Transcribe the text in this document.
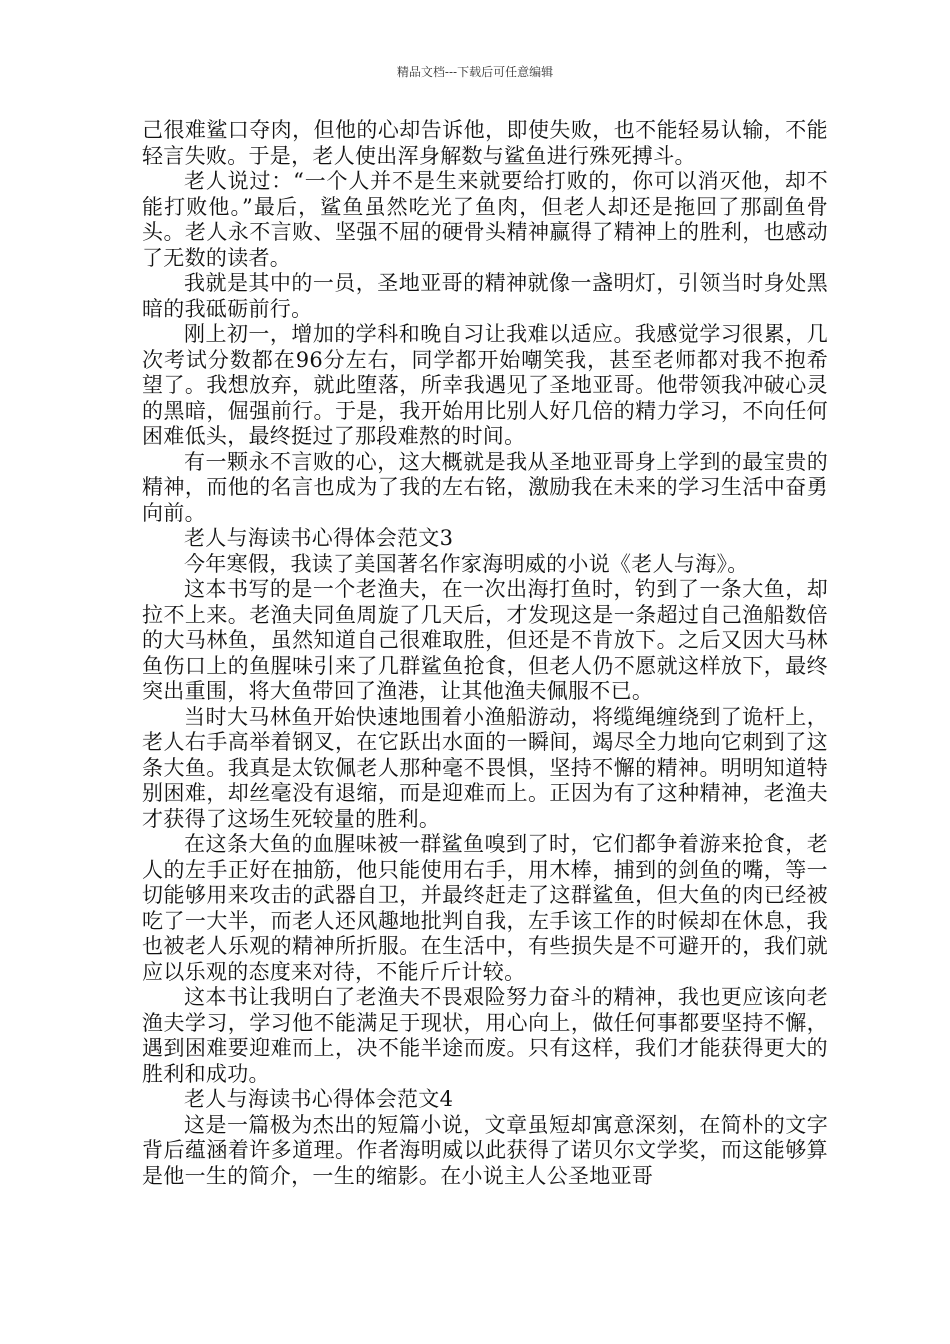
精品文档---下载后可任意编辑

己很难鲨口夺肉，但他的心却告诉他，即使失败，也不能轻易认输，不能轻言失败。于是，老人使出浑身解数与鲨鱼进行殊死搏斗。

老人说过：“一个人并不是生来就要给打败的，你可以消灭他，却不能打败他。”最后，鲨鱼虽然吃光了鱼肉，但老人却还是拖回了那副鱼骨头。老人永不言败、坚强不屈的硬骨头精神赢得了精神上的胜利，也感动了无数的读者。

我就是其中的一员，圣地亚哥的精神就像一盏明灯，引领当时身处黑暗的我砥砺前行。

刚上初一，增加的学科和晚自习让我难以适应。我感觉学习很累，几次考试分数都在96分左右，同学都开始嘲笑我，甚至老师都对我不抱希望了。我想放弃，就此堕落，所幸我遇见了圣地亚哥。他带领我冲破心灵的黑暗，倔强前行。于是，我开始用比别人好几倍的精力学习，不向任何困难低头，最终挺过了那段难熬的时间。

有一颗永不言败的心，这大概就是我从圣地亚哥身上学到的最宝贵的精神，而他的名言也成为了我的左右铭，激励我在未来的学习生活中奋勇向前。

老人与海读书心得体会范文3

今年寒假，我读了美国著名作家海明威的小说《老人与海》。

这本书写的是一个老渔夫，在一次出海打鱼时，钓到了一条大鱼，却拉不上来。老渔夫同鱼周旋了几天后，才发现这是一条超过自己渔船数倍的大马林鱼，虽然知道自己很难取胜，但还是不肯放下。之后又因大马林鱼伤口上的鱼腥味引来了几群鲨鱼抢食，但老人仍不愿就这样放下，最终突出重围，将大鱼带回了渔港，让其他渔夫佩服不已。

当时大马林鱼开始快速地围着小渔船游动，将缆绳缠绕到了诡杆上，老人右手高举着钢叉，在它跃出水面的一瞬间，竭尽全力地向它刺到了这条大鱼。我真是太钦佩老人那种毫不畏惧，坚持不懈的精神。明明知道特别困难，却丝毫没有退缩，而是迎难而上。正因为有了这种精神，老渔夫才获得了这场生死较量的胜利。

在这条大鱼的血腥味被一群鲨鱼嗅到了时，它们都争着游来抢食，老人的左手正好在抽筋，他只能使用右手，用木棒，捕到的剑鱼的嘴，等一切能够用来攻击的武器自卫，并最终赶走了这群鲨鱼，但大鱼的肉已经被吃了一大半，而老人还风趣地批判自我，左手该工作的时候却在休息，我也被老人乐观的精神所折服。在生活中，有些损失是不可避开的，我们就应以乐观的态度来对待，不能斤斤计较。

这本书让我明白了老渔夫不畏艰险努力奋斗的精神，我也更应该向老渔夫学习，学习他不能满足于现状，用心向上，做任何事都要坚持不懈，遇到困难要迎难而上，决不能半途而废。只有这样，我们才能获得更大的胜利和成功。

老人与海读书心得体会范文4

这是一篇极为杰出的短篇小说，文章虽短却寓意深刻，在简朴的文字背后蕴涵着许多道理。作者海明威以此获得了诺贝尔文学奖，而这能够算是他一生的简介，一生的缩影。在小说主人公圣地亚哥
